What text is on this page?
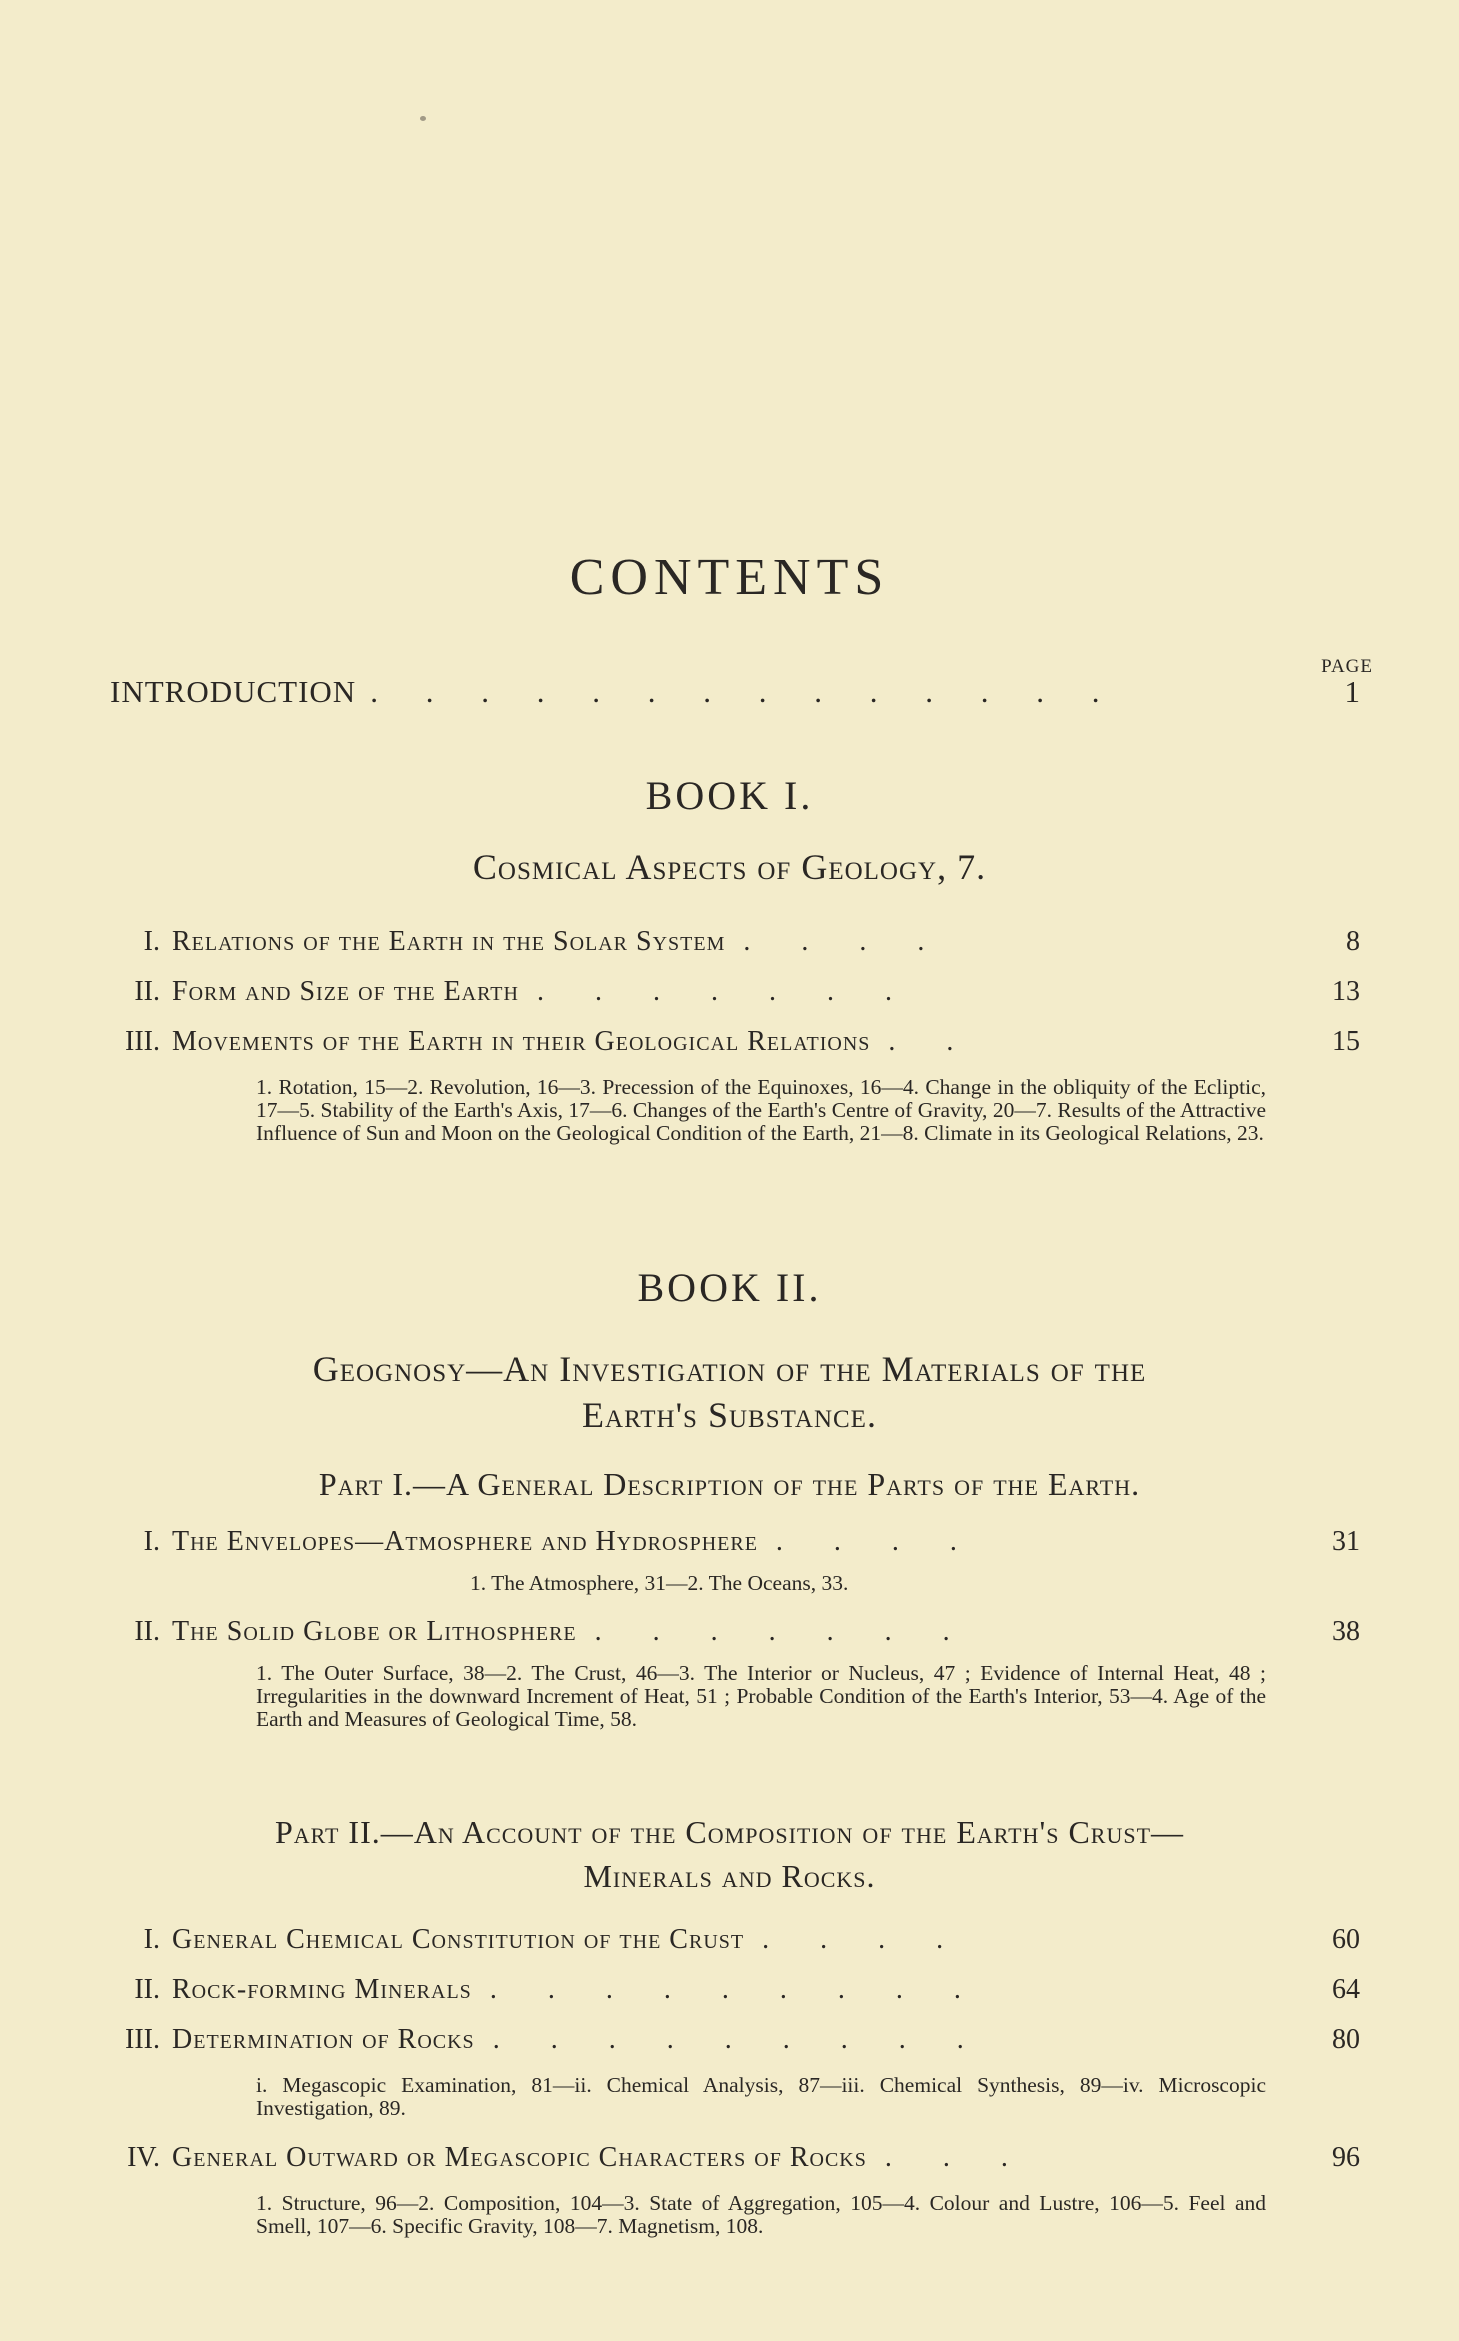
CONTENTS
PAGE
INTRODUCTION . . . . . . . . . . . . . .	1
BOOK I.
Cosmical Aspects of Geology, 7.
I. Relations of the Earth in the Solar System . . . .	8
II. Form and Size of the Earth . . . . . . .	13
III. Movements of the Earth in their Geological Relations . .	15
1. Rotation, 15—2. Revolution, 16—3. Precession of the Equinoxes, 16—4. Change in the obliquity of the Ecliptic, 17—5. Stability of the Earth's Axis, 17—6. Changes of the Earth's Centre of Gravity, 20—7. Results of the Attractive Influence of Sun and Moon on the Geological Condition of the Earth, 21—8. Climate in its Geological Relations, 23.
BOOK II.
Geognosy—An Investigation of the Materials of the
Earth's Substance.
Part I.—A General Description of the Parts of the Earth.
I. The Envelopes—Atmosphere and Hydrosphere . . . .	31
1. The Atmosphere, 31—2. The Oceans, 33.
II. The Solid Globe or Lithosphere . . . . . . .	38
1. The Outer Surface, 38—2. The Crust, 46—3. The Interior or Nucleus, 47 ; Evidence of Internal Heat, 48 ; Irregularities in the downward Increment of Heat, 51 ; Probable Condition of the Earth's Interior, 53—4. Age of the Earth and Measures of Geological Time, 58.
Part II.—An Account of the Composition of the Earth's Crust—
Minerals and Rocks.
I. General Chemical Constitution of the Crust . . . .	60
II. Rock-forming Minerals . . . . . . . . .	64
III. Determination of Rocks . . . . . . . . .	80
i. Megascopic Examination, 81—ii. Chemical Analysis, 87—iii. Chemical Synthesis, 89—iv. Microscopic Investigation, 89.
IV. General Outward or Megascopic Characters of Rocks . . .	96
1. Structure, 96—2. Composition, 104—3. State of Aggregation, 105—4. Colour and Lustre, 106—5. Feel and Smell, 107—6. Specific Gravity, 108—7. Magnetism, 108.
